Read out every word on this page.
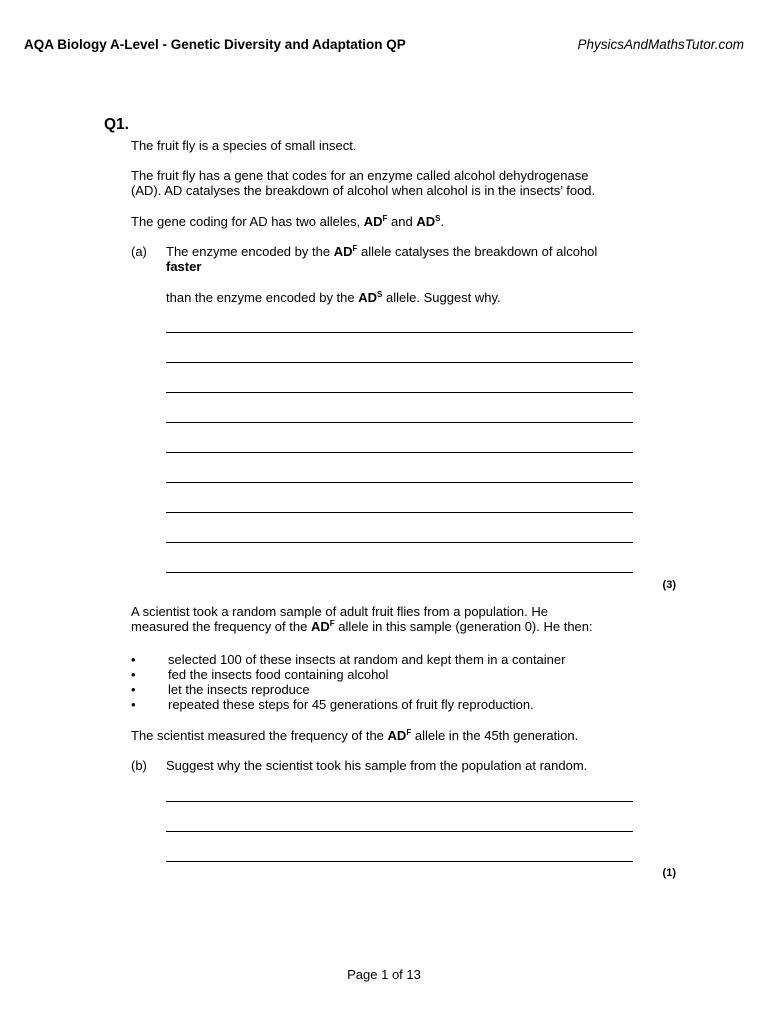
AQA Biology A-Level - Genetic Diversity and Adaptation QP	PhysicsAndMathsTutor.com
Q1.
The fruit fly is a species of small insect.
The fruit fly has a gene that codes for an enzyme called alcohol dehydrogenase
(AD). AD catalyses the breakdown of alcohol when alcohol is in the insects’ food.
The gene coding for AD has two alleles, $AD^F$ and $AD^S$.
(a) The enzyme encoded by the $AD^F$ allele catalyses the breakdown of alcohol
faster
than the enzyme encoded by the $AD^S$ allele. Suggest why.
(3)
A scientist took a random sample of adult fruit flies from a population. He
measured the frequency of the $AD^F$ allele in this sample (generation 0). He then:
• selected 100 of these insects at random and kept them in a container
• fed the insects food containing alcohol
• let the insects reproduce
• repeated these steps for 45 generations of fruit fly reproduction.
The scientist measured the frequency of the $AD^F$ allele in the 45th generation.
(b) Suggest why the scientist took his sample from the population at random.
(1)
Page 1 of 13
